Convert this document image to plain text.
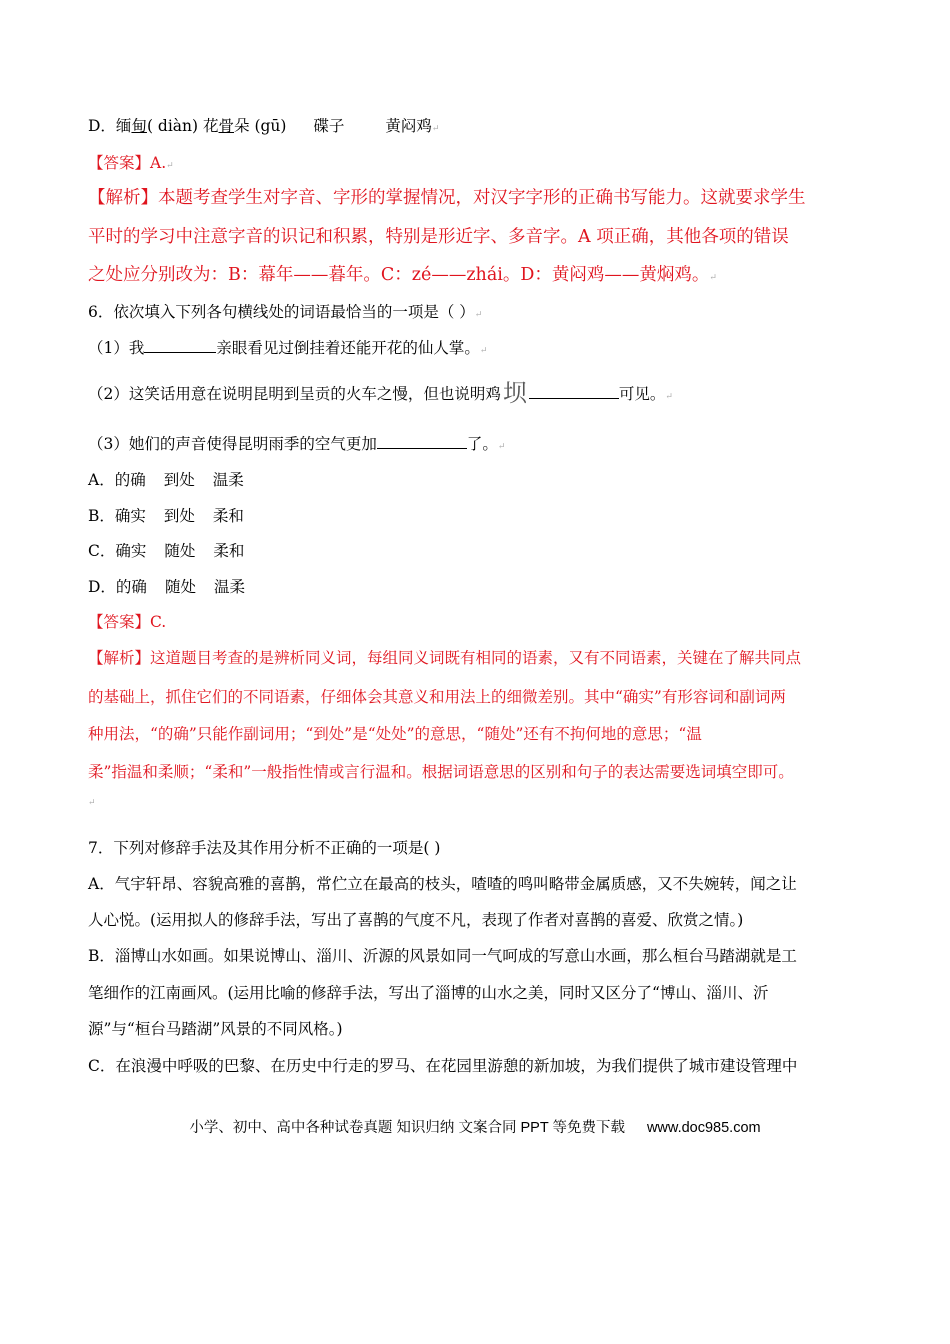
D．缅甸( diàn) 花骨朵 (gū) 碟子	黄闷鸡↵
【答案】A.↵
【解析】本题考查学生对字音、字形的掌握情况，对汉字字形的正确书写能力。这就要求学生
平时的学习中注意字音的识记和积累，特别是形近字、多音字。A 项正确，其他各项的错误
之处应分别改为：B：幕年——暮年。C：zé——zhái。D：黄闷鸡——黄焖鸡。↵
6．依次填入下列各句横线处的词语最恰当的一项是（ ）↵
（1）我	亲眼看见过倒挂着还能开花的仙人掌。↵
（2）这笑话用意在说明昆明到呈贡的火车之慢，但也说明鸡坝	可见。↵
（3）她们的声音使得昆明雨季的空气更加	了。↵
A．的确 到处 温柔
B．确实 到处 柔和
C．确实 随处 柔和
D．的确 随处 温柔
【答案】C.
【解析】这道题目考查的是辨析同义词，每组同义词既有相同的语素，又有不同语素，关键在了解共同点
的基础上，抓住它们的不同语素，仔细体会其意义和用法上的细微差别。其中“确实”有形容词和副词两
种用法，“的确”只能作副词用；“到处”是“处处”的意思，“随处”还有不拘何地的意思；“温
柔”指温和柔顺；“柔和”一般指性情或言行温和。根据词语意思的区别和句子的表达需要选词填空即可。
↵
7．下列对修辞手法及其作用分析不正确的一项是( )
A．气宇轩昂、容貌高雅的喜鹊，常伫立在最高的枝头，喳喳的鸣叫略带金属质感，又不失婉转，闻之让
人心悦。(运用拟人的修辞手法，写出了喜鹊的气度不凡，表现了作者对喜鹊的喜爱、欣赏之情。)
B．淄博山水如画。如果说博山、淄川、沂源的风景如同一气呵成的写意山水画，那么桓台马踏湖就是工
笔细作的江南画风。(运用比喻的修辞手法，写出了淄博的山水之美，同时又区分了“博山、淄川、沂
源”与“桓台马踏湖”风景的不同风格。)
C．在浪漫中呼吸的巴黎、在历史中行走的罗马、在花园里游憩的新加坡，为我们提供了城市建设管理中
小学、初中、高中各种试卷真题 知识归纳 文案合同 PPT 等免费下载 www.doc985.com
